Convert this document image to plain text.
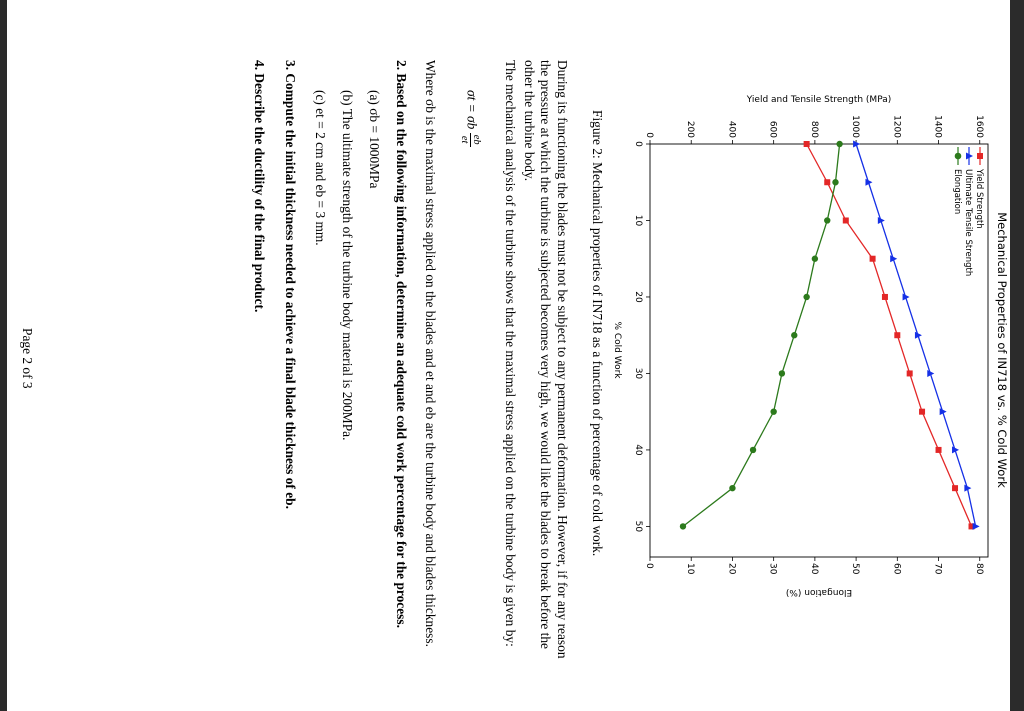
Mechanical Properties of IN718 vs. % Cold Work
0
10
20
30
40
50
0	200	400	600	800	1000	1200	1400	1600
0	10	20	30	40	50	60	70	80
% Cold Work
Yield and Tensile Strength (MPa)
Elongation (%)
Yield Strength
Ultimate Tensile Strength
Elongation
Figure 2: Mechanical properties of IN718 as a function of percentage of cold work.
During its functioning the blades must not be subject to any permanent deformation. However, if for any reason the pressure at which the turbine is subjected becomes very high, we would like the blades to break before the other the turbine body.
The mechanical analysis of the turbine shows that the maximal stress applied on the turbine body is given by:
σt = σb
eb
et
Where σb is the maximal stress applied on the blades and et and eb are the turbine body and blades thickness.
2. Based on the following information, determine an adequate cold work percentage for the process.
(a) σb = 1000MPa
(b) The ultimate strength of the turbine body material is 200MPa.
(c) et = 2 cm and eb = 3 mm.
3. Compute the initial thickness needed to achieve a final blade thickness of eb.
4. Describe the ductility of the final product.
Page 2 of 3
